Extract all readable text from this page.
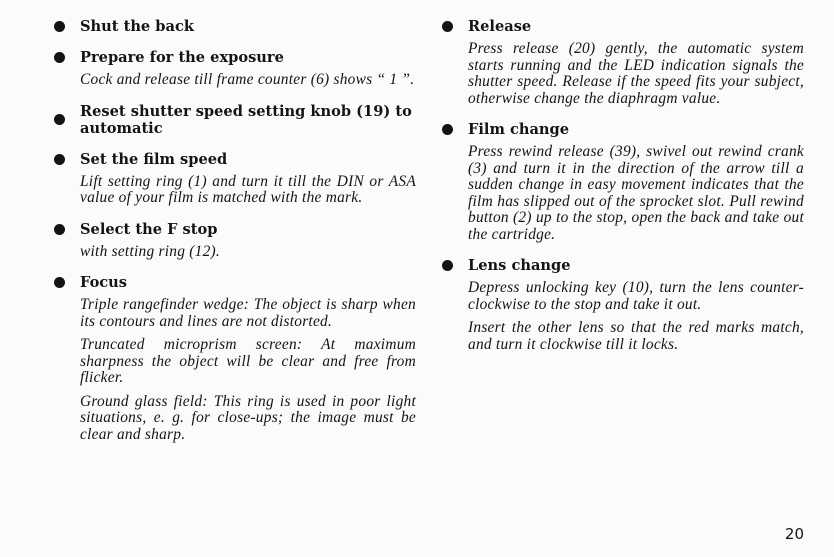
Shut the back
Prepare for the exposure

Cock and release till frame counter (6) shows “ 1 ”.

Reset shutter speed setting knob (19) to automatic
Set the film speed

Lift setting ring (1) and turn it till the DIN or ASA value of your film is matched with the mark.

Select the F stop

with setting ring (12).

Focus

Triple rangefinder wedge: The object is sharp when its contours and lines are not distorted.

Truncated microprism screen: At maximum sharpness the object will be clear and free from flicker.

Ground glass field: This ring is used in poor light situations, e. g. for close-ups; the image must be clear and sharp.

Release

Press release (20) gently, the automatic system starts running and the LED indication signals the shutter speed. Release if the speed fits your subject, otherwise change the diaphragm value.

Film change

Press rewind release (39), swivel out rewind crank (3) and turn it in the direction of the arrow till a sudden change in easy movement indicates that the film has slipped out of the sprocket slot. Pull rewind button (2) up to the stop, open the back and take out the cartridge.

Lens change

Depress unlocking key (10), turn the lens counter-clockwise to the stop and take it out.

Insert the other lens so that the red marks match, and turn it clockwise till it locks.

20
